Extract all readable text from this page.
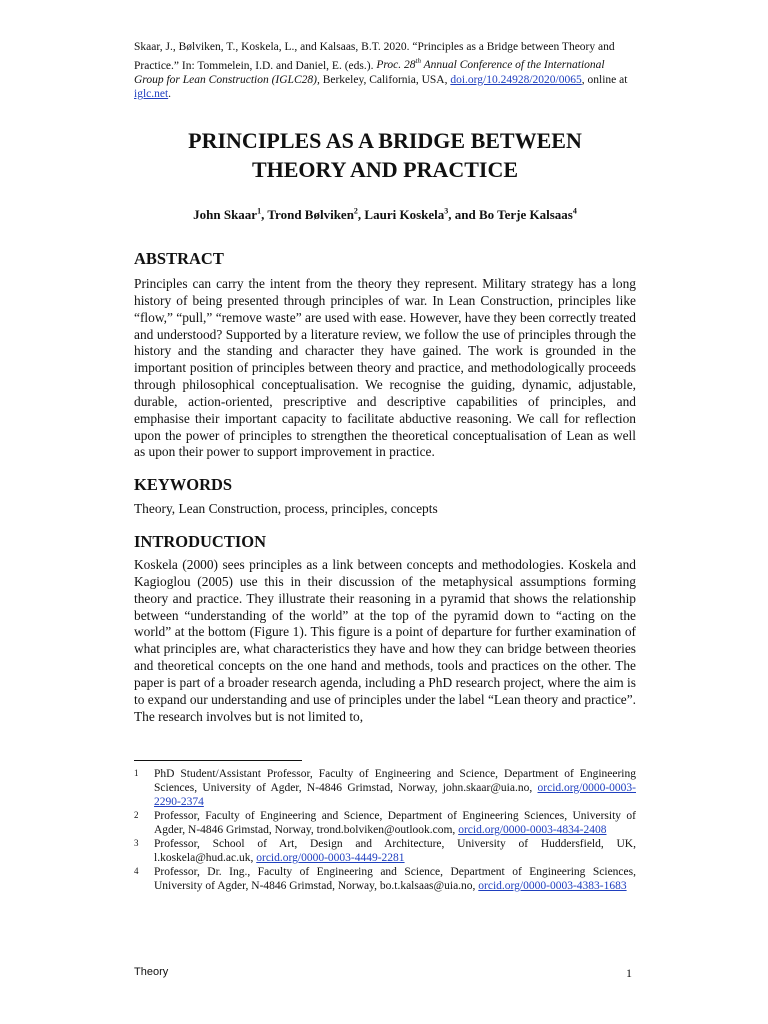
Skaar, J., Bølviken, T., Koskela, L., and Kalsaas, B.T. 2020. “Principles as a Bridge between Theory and Practice.” In: Tommelein, I.D. and Daniel, E. (eds.). Proc. 28th Annual Conference of the International Group for Lean Construction (IGLC28), Berkeley, California, USA, doi.org/10.24928/2020/0065, online at iglc.net.
PRINCIPLES AS A BRIDGE BETWEEN
THEORY AND PRACTICE
John Skaar$^1$, Trond Bølviken$^2$, Lauri Koskela$^3$, and Bo Terje Kalsaas$^4$
ABSTRACT

Principles can carry the intent from the theory they represent. Military strategy has a long history of being presented through principles of war. In Lean Construction, principles like “flow,” “pull,” “remove waste” are used with ease. However, have they been correctly treated and understood? Supported by a literature review, we follow the use of principles through the history and the standing and character they have gained. The work is grounded in the important position of principles between theory and practice, and methodologically proceeds through philosophical conceptualisation. We recognise the guiding, dynamic, adjustable, durable, action-oriented, prescriptive and descriptive capabilities of principles, and emphasise their important capacity to facilitate abductive reasoning. We call for reflection upon the power of principles to strengthen the theoretical conceptualisation of Lean as well as upon their power to support improvement in practice.

KEYWORDS

Theory, Lean Construction, process, principles, concepts

INTRODUCTION

Koskela (2000) sees principles as a link between concepts and methodologies. Koskela and Kagioglou (2005) use this in their discussion of the metaphysical assumptions forming theory and practice. They illustrate their reasoning in a pyramid that shows the relationship between “understanding of the world” at the top of the pyramid down to “acting on the world” at the bottom (Figure 1). This figure is a point of departure for further examination of what principles are, what characteristics they have and how they can bridge between theories and theoretical concepts on the one hand and methods, tools and practices on the other. The paper is part of a broader research agenda, including a PhD research project, where the aim is to expand our understanding and use of principles under the label “Lean theory and practice”. The research involves but is not limited to,

1	PhD Student/Assistant Professor, Faculty of Engineering and Science, Department of Engineering Sciences, University of Agder, N-4846 Grimstad, Norway, john.skaar@uia.no, orcid.org/0000-0003-2290-2374
2	Professor, Faculty of Engineering and Science, Department of Engineering Sciences, University of Agder, N-4846 Grimstad, Norway, trond.bolviken@outlook.com, orcid.org/0000-0003-4834-2408
3	Professor, School of Art, Design and Architecture, University of Huddersfield, UK, l.koskela@hud.ac.uk, orcid.org/0000-0003-4449-2281
4	Professor, Dr. Ing., Faculty of Engineering and Science, Department of Engineering Sciences, University of Agder, N-4846 Grimstad, Norway, bo.t.kalsaas@uia.no, orcid.org/0000-0003-4383-1683
Theory	1
